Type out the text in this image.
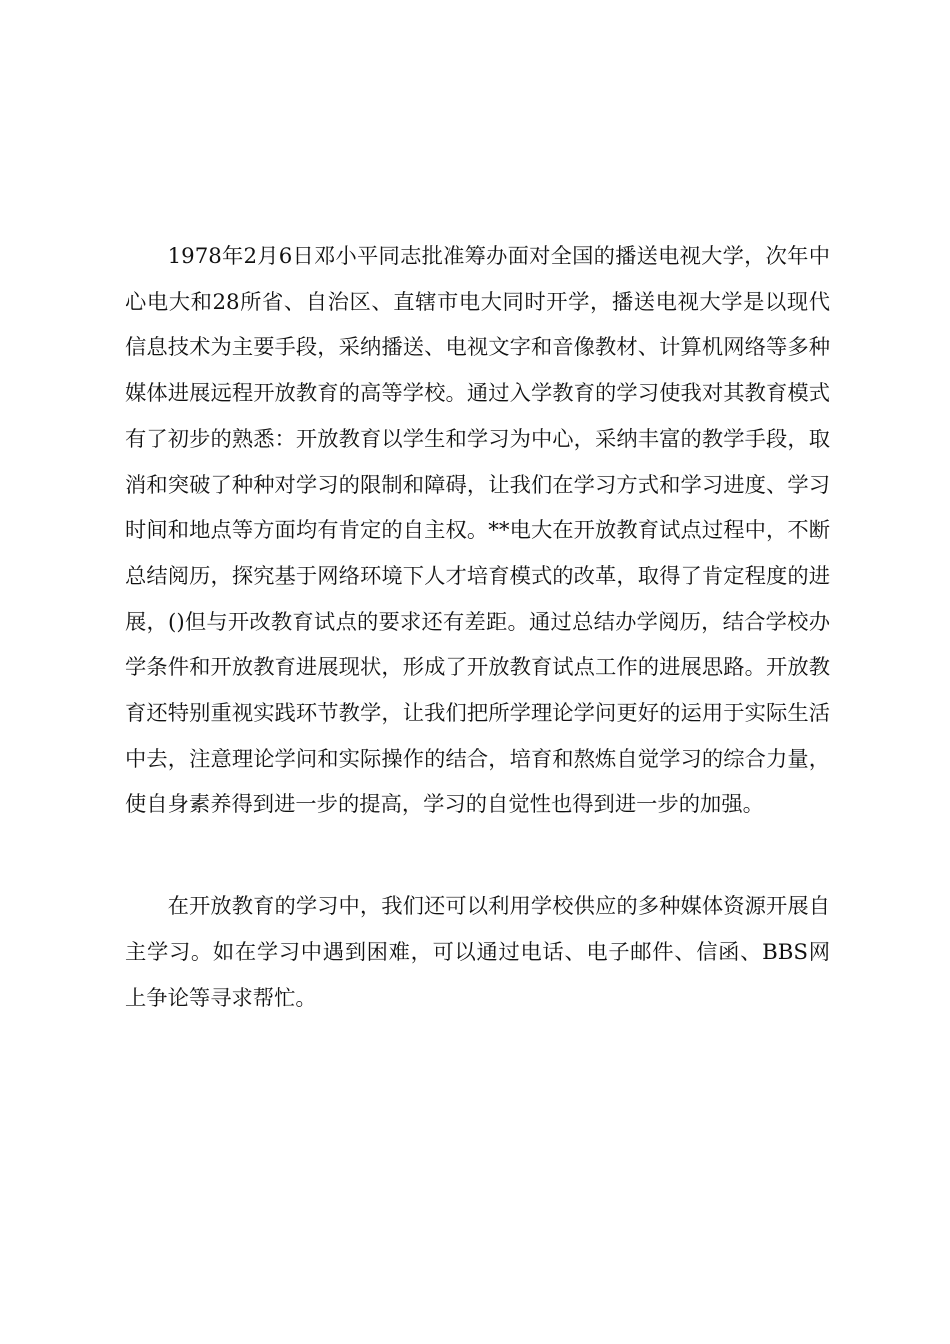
1978年2月6日邓小平同志批准筹办面对全国的播送电视大学，次年中心电大和28所省、自治区、直辖市电大同时开学，播送电视大学是以现代信息技术为主要手段，采纳播送、电视文字和音像教材、计算机网络等多种媒体进展远程开放教育的高等学校。通过入学教育的学习使我对其教育模式有了初步的熟悉：开放教育以学生和学习为中心，采纳丰富的教学手段，取消和突破了种种对学习的限制和障碍，让我们在学习方式和学习进度、学习时间和地点等方面均有肯定的自主权。**电大在开放教育试点过程中，不断总结阅历，探究基于网络环境下人才培育模式的改革，取得了肯定程度的进展，()但与开改教育试点的要求还有差距。通过总结办学阅历，结合学校办学条件和开放教育进展现状，形成了开放教育试点工作的进展思路。开放教育还特别重视实践环节教学，让我们把所学理论学问更好的运用于实际生活中去，注意理论学问和实际操作的结合，培育和熬炼自觉学习的综合力量，使自身素养得到进一步的提高，学习的自觉性也得到进一步的加强。

在开放教育的学习中，我们还可以利用学校供应的多种媒体资源开展自主学习。如在学习中遇到困难，可以通过电话、电子邮件、信函、BBS网上争论等寻求帮忙。
